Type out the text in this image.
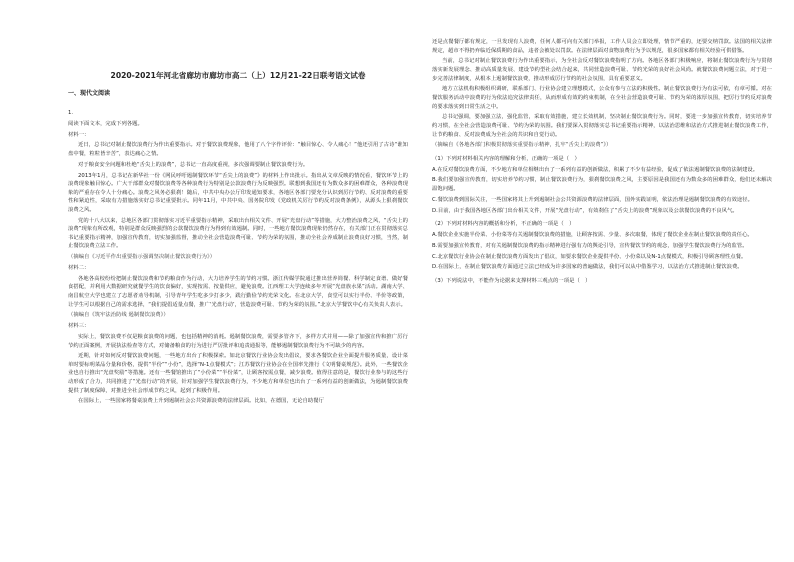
2020-2021年河北省廊坊市廊坊市高二（上）12月21-22日联考语文试卷
一、现代文阅读

1.

阅读下面文本，完成下列各题。

材料一：

近日，总书记对制止餐饮浪费行为作出重要指示。对于餐饮浪费现象，他用了八个字作评价：“触目惊心、令人痛心！”他还引用了古诗“谁知盘中餐，粒粒皆辛苦”，表达痛心之情。

对于粮食安全问题和杜绝“舌尖上的浪费”，总书记一直高度重视，多次强调要制止餐饮浪费行为。

2013年1月，总书记在新华社一份《网民呼吁遏制餐饮环节“舌尖上的浪费”》的材料上作出批示。指出从文章反映的情况看，餐饮环节上的浪费现象触目惊心。广大干部群众对餐饮浪费等各种浪费行为特别是公款浪费行为反映强烈。联想到我国还有为数众多的困难群众，各种浪费现象的严重存在令人十分痛心。浪费之风务必狠刹！随后，中共中央办公厅印发通知要求，各地区各部门要充分认识到厉行节约、反对浪费的重要性和紧迫性，采取有力措施落实好总书记重要批示。同年11月，中共中央、国务院印发《党政机关厉行节约反对浪费条例》，从源头上狠刹餐饮浪费之风。

党的十八大以来，总地区各部门贯彻落实习近平重要指示精神，采取出台相关文件、开展“光盘行动”等措施，大力整治浪费之风，“舌尖上的浪费”现象有所改观，特别是群众反映强烈的公款餐饮浪费行为得到有效遏制。同时，一些地方餐饮浪费现象仍然存在，有关部门正在贯彻落实总书记重要指示精神，加强宣传教育，切实加强监督，推动全社会营造浪费可耻、节约为荣的氛围，推动全社会养成制止浪费良好习惯，当然，制止餐饮浪费立法工作。

（摘编自《习近平作出重要指示强调坚决制止餐饮浪费行为》）

材料二：

各地各高校纷纷把制止餐饮浪费和节约粮食作为行动，大力培养学生的节约习惯。浙江传媒学院通过推出营养简餐、科学制定食谱、做好餐食搭配，并利用大数据研究就餐学生的饮食偏好，实现按需、按量供应，避免浪费。江西理工大学连续多年开展“光盘族水果”活动。湖南大学、南昌航空大学也建立了志愿者劝导机制，引导青年学生吃多少打多少，践行勤俭节约光荣文化。在北京大学，食堂可以实行半份、半价等政策，让学生可以根据自己的需求选择，“我们提倡适量点餐，推广‘光盘行动’，营造浪费可耻、节约为荣的氛围。”北京大学餐饮中心有关负责人表示。

（摘编自《筑牢法治防线 遏制餐饮浪费》）

材料三：

实际上，餐饮浪费不仅是粮食浪费的问题，也包括精神的消耗。遏制餐饮浪费，需要多管齐下，多样方式并用——除了加强宣传和推广厉行节约正面案例，开展执法检查等方式，对储备粮食的行为进行严厉批评和追责通报等，能够遏制餐饮浪费行为不可缺少的内容。

近期，针对如何反对餐饮浪费问题，一些地方出台了积极探索。如北京餐饮行业协会发出倡议，要求各餐饮企业全面提升服务质量，设计菜单时要标明菜品分量和价格，提供“半份”“小份”，选择“N-1点餐模式”；江苏餐饮行业协会在全国率先推行《文明餐桌规范》。此外，一些餐饮企业也自行推出“光盘奖励”等措施。还有一些餐馆推出了“小份菜”“半份菜”，让顾客按需点餐，减少浪费。值得注意的是，餐饮行业参与的这些行动形成了合力，共同推进了“光盘行动”的开展，针对加强学生餐饮浪费行为，不少地方和单位也出台了一系列有益的创新做法，为遏制餐饮浪费提供了制度保障，对推进全社会形成节约之风，起到了积极作用。

在国际上，一些国家将餐桌浪费上升到遏制社会公共资源浪费的法律层面。比如，在德国，无论自助餐厅

还是点餐餐厅都有规定，一旦发现有人浪费，任何人都可向有关部门举报，工作人员会立即处理，情节严重的，还要交纳罚款。法国的相关法律规定，超市不得扔弃临近保质期的食品，违者会被处以罚款。在法律层面对食物浪费行为予以规范，很多国家都有相关经验可供借鉴。

当前，总书记对制止餐饮浪费行为作出重要指示，为全社会反对餐饮浪费指明了方向。各地区各部门积极响应，将制止餐饮浪费行为与贯彻落实新发展理念、推动高质量发展、建设节约型社会结合起来，共同营造浪费可耻、节约光荣的良好社会风尚。就餐饮浪费问题立法，对于进一步完善法律制度，从根本上遏制餐饮浪费，推动形成厉行节约的社会氛围，具有重要意义。

地方立法机构积极组织调研，联系部门、行业协会建立理想模式，公众有参与立法的积极性。制止餐饮浪费行为有法可依，有章可循。对在餐饮服务活动中浪费的行为依法追究法律责任，从而形成有效的约束机制，在全社会营造浪费可耻、节约为荣的浓厚氛围，把厉行节约反对浪费的要求落实到日常生活之中。

总书记强调，要加强立法，强化监管，采取有效措施，建立长效机制，坚决制止餐饮浪费行为。同时，要进一步加强宣传教育，切实培养节约习惯，在全社会营造浪费可耻、节约为荣的氛围。我们要深入贯彻落实总书记重要指示精神，以法治思维和法治方式推进制止餐饮浪费工作，让节约粮食、反对浪费成为全社会的共识和自觉行动。

（摘编自《各地各部门积极贯彻落实重要指示精神，扎牢“舌尖上的浪费”》）

（1）下列对材料相关内容的理解和分析，正确的一项是（　）

A.在反对餐饮浪费方面，不少地方和单位相继出台了一系列有益的创新做法，积累了不少有益经验，促成了依法遏制餐饮浪费的法制建设。

B.我们要加强宣传教育，切实培养节约习惯，制止餐饮浪费行为，狠刹餐饮浪费之风，主要原因是我国还有为数众多的困难群众，他们还未解决温饱问题。

C.餐饮浪费到国际关注，一些国家将其上升到遏制社会公共资源浪费的法律层面，国外实践证明，依法治理是遏制餐饮浪费的有效途径。

D.目前，由于我国各地区各部门出台相关文件，开展“光盘行动”，有效刹住了“舌尖上的浪费”现象以及公款餐饮浪费的不良风气。

（2）下列对材料内容的概括和分析，不正确的一项是（　）

A.餐饮企业实施半份菜、小份菜等有关遏制餐饮浪费的措施，让顾客按需、少量、多次取餐，体现了餐饮企业在制止餐饮浪费的责任心。

B.需要加强宣传教育，对有关遏制餐饮浪费的指示精神进行强有力的舆论引导，宣传餐饮节约的观念，加强学生餐饮浪费行为的监管。

C.北京餐饮行业协会在制止餐饮浪费方面发出了倡议，如要求餐饮企业提供半份、小份菜以及N-1点餐模式，积极引导顾客理性点餐。

D.在国际上，在制止餐饮浪费方面通过立法已经成为许多国家的普遍做法，我们可以从中借鉴学习，以法治方式推进制止餐饮浪费。

（3）下列说法中，不能作为论据来支撑材料三观点的一项是（　）
